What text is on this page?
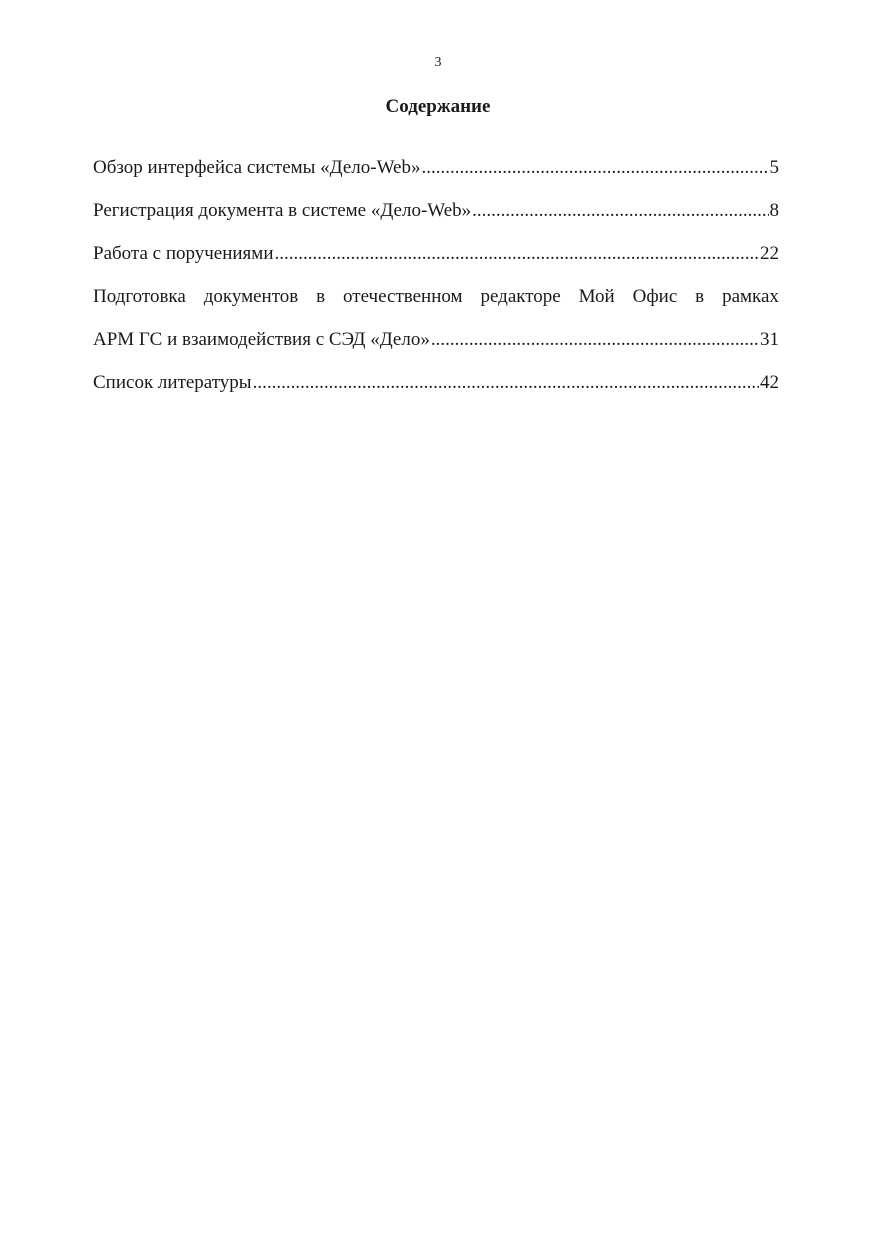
3
Содержание
Обзор интерфейса системы «Дело-Web» .....	5
Регистрация документа в системе «Дело-Web» .....	8
Работа с поручениями .....	22
Подготовка документов в отечественном редакторе Мой Офис в рамках
АРМ ГС и взаимодействия с СЭД «Дело» .....	31
Список литературы .....	42
